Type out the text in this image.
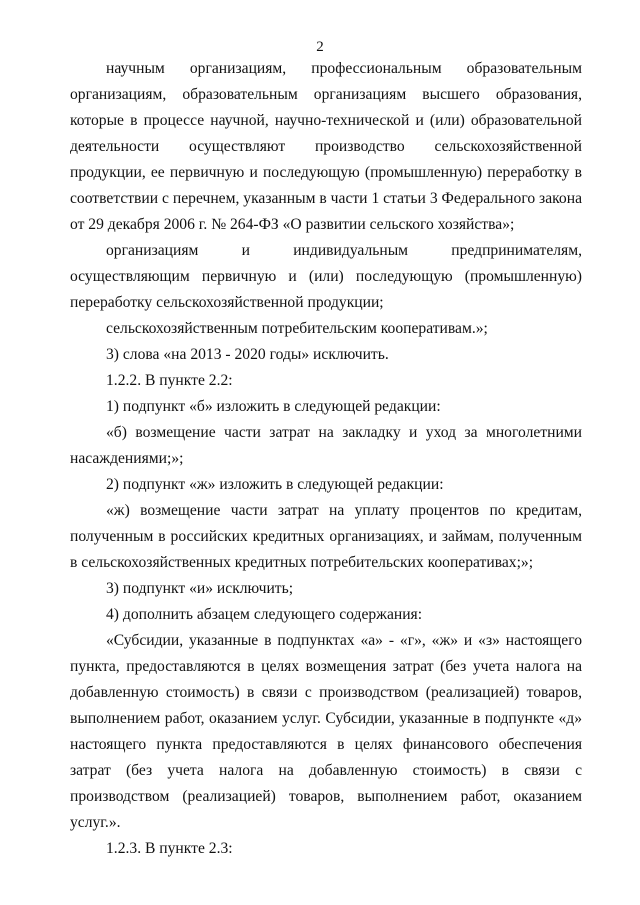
2

научным организациям, профессиональным образовательным организациям, образовательным организациям высшего образования, которые в процессе научной, научно-технической и (или) образовательной деятельности осуществляют производство сельскохозяйственной продукции, ее первичную и последующую (промышленную) переработку в соответствии с перечнем, указанным в части 1 статьи 3 Федерального закона от 29 декабря 2006 г. № 264-ФЗ «О развитии сельского хозяйства»;

организациям и индивидуальным предпринимателям, осуществляющим первичную и (или) последующую (промышленную) переработку сельскохозяйственной продукции;

сельскохозяйственным потребительским кооперативам.»;

3) слова «на 2013 - 2020 годы» исключить.

1.2.2. В пункте 2.2:

1) подпункт «б» изложить в следующей редакции:

«б) возмещение части затрат на закладку и уход за многолетними насаждениями;»;

2) подпункт «ж» изложить в следующей редакции:

«ж) возмещение части затрат на уплату процентов по кредитам, полученным в российских кредитных организациях, и займам, полученным в сельскохозяйственных кредитных потребительских кооперативах;»;

3) подпункт «и» исключить;

4) дополнить абзацем следующего содержания:

«Субсидии, указанные в подпунктах «а» - «г», «ж» и «з» настоящего пункта, предоставляются в целях возмещения затрат (без учета налога на добавленную стоимость) в связи с производством (реализацией) товаров, выполнением работ, оказанием услуг. Субсидии, указанные в подпункте «д» настоящего пункта предоставляются в целях финансового обеспечения затрат (без учета налога на добавленную стоимость) в связи с производством (реализацией) товаров, выполнением работ, оказанием услуг.».

1.2.3. В пункте 2.3:
